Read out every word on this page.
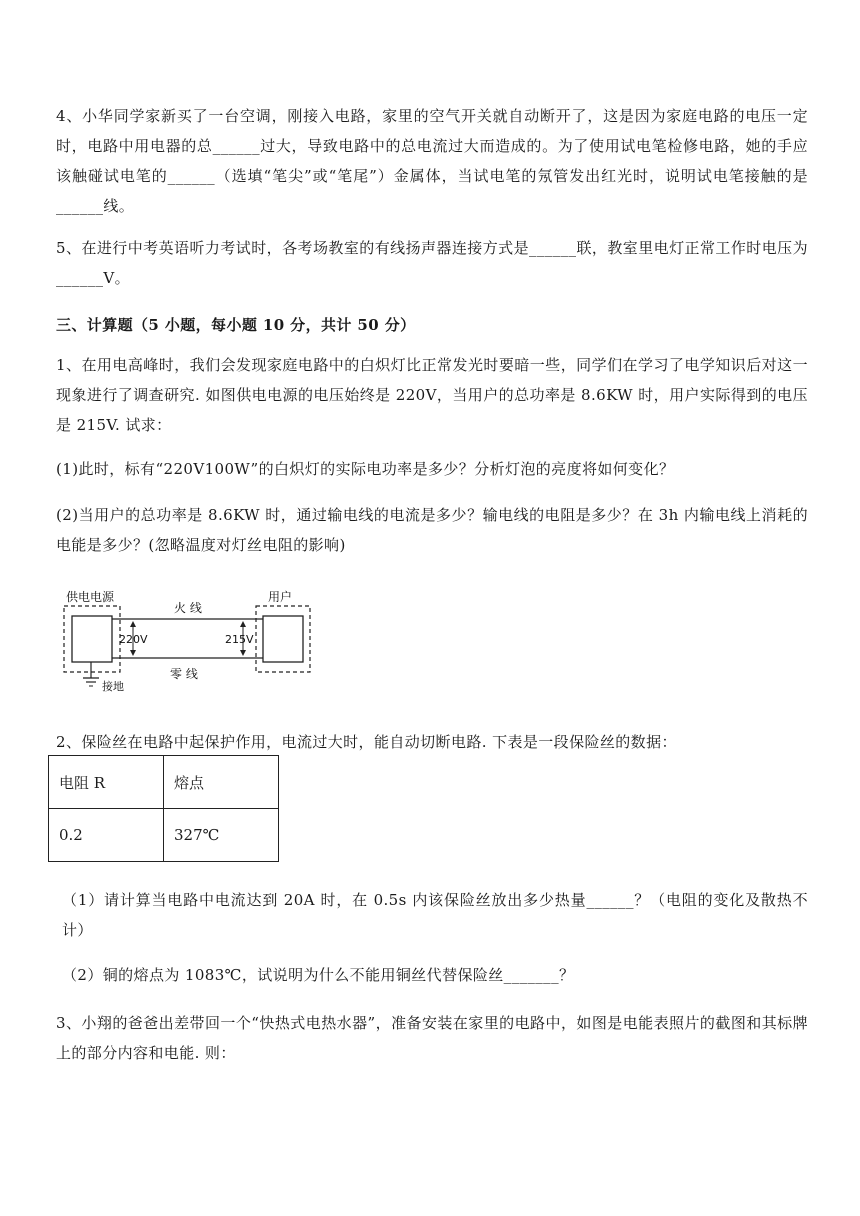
4、小华同学家新买了一台空调，刚接入电路，家里的空气开关就自动断开了，这是因为家庭电路的电压一定时，电路中用电器的总______过大，导致电路中的总电流过大而造成的。为了使用试电笔检修电路，她的手应该触碰试电笔的______（选填“笔尖”或“笔尾”）金属体，当试电笔的氖管发出红光时，说明试电笔接触的是______线。

5、在进行中考英语听力考试时，各考场教室的有线扬声器连接方式是______联，教室里电灯正常工作时电压为______V。

三、计算题（5 小题，每小题 10 分，共计 50 分）

1、在用电高峰时，我们会发现家庭电路中的白炽灯比正常发光时要暗一些，同学们在学习了电学知识后对这一现象进行了调查研究. 如图供电电源的电压始终是 220V，当用户的总功率是 8.6KW 时，用户实际得到的电压是 215V. 试求：

(1)此时，标有“220V100W”的白炽灯的实际电功率是多少？分析灯泡的亮度将如何变化？

(2)当用户的总功率是 8.6KW 时，通过输电线的电流是多少？输电线的电阻是多少？在 3h 内输电线上消耗的电能是多少？(忽略温度对灯丝电阻的影响)

供电电源	用户
火 线
零 线
220V	215V
接地

2、保险丝在电路中起保护作用，电流过大时，能自动切断电路. 下表是一段保险丝的数据：

电阻 R	熔点
0.2	327℃

（1）请计算当电路中电流达到 20A 时，在 0.5s 内该保险丝放出多少热量______？（电阻的变化及散热不计）

（2）铜的熔点为 1083℃，试说明为什么不能用铜丝代替保险丝_______？

3、小翔的爸爸出差带回一个“快热式电热水器”，准备安装在家里的电路中，如图是电能表照片的截图和其标牌上的部分内容和电能. 则：
